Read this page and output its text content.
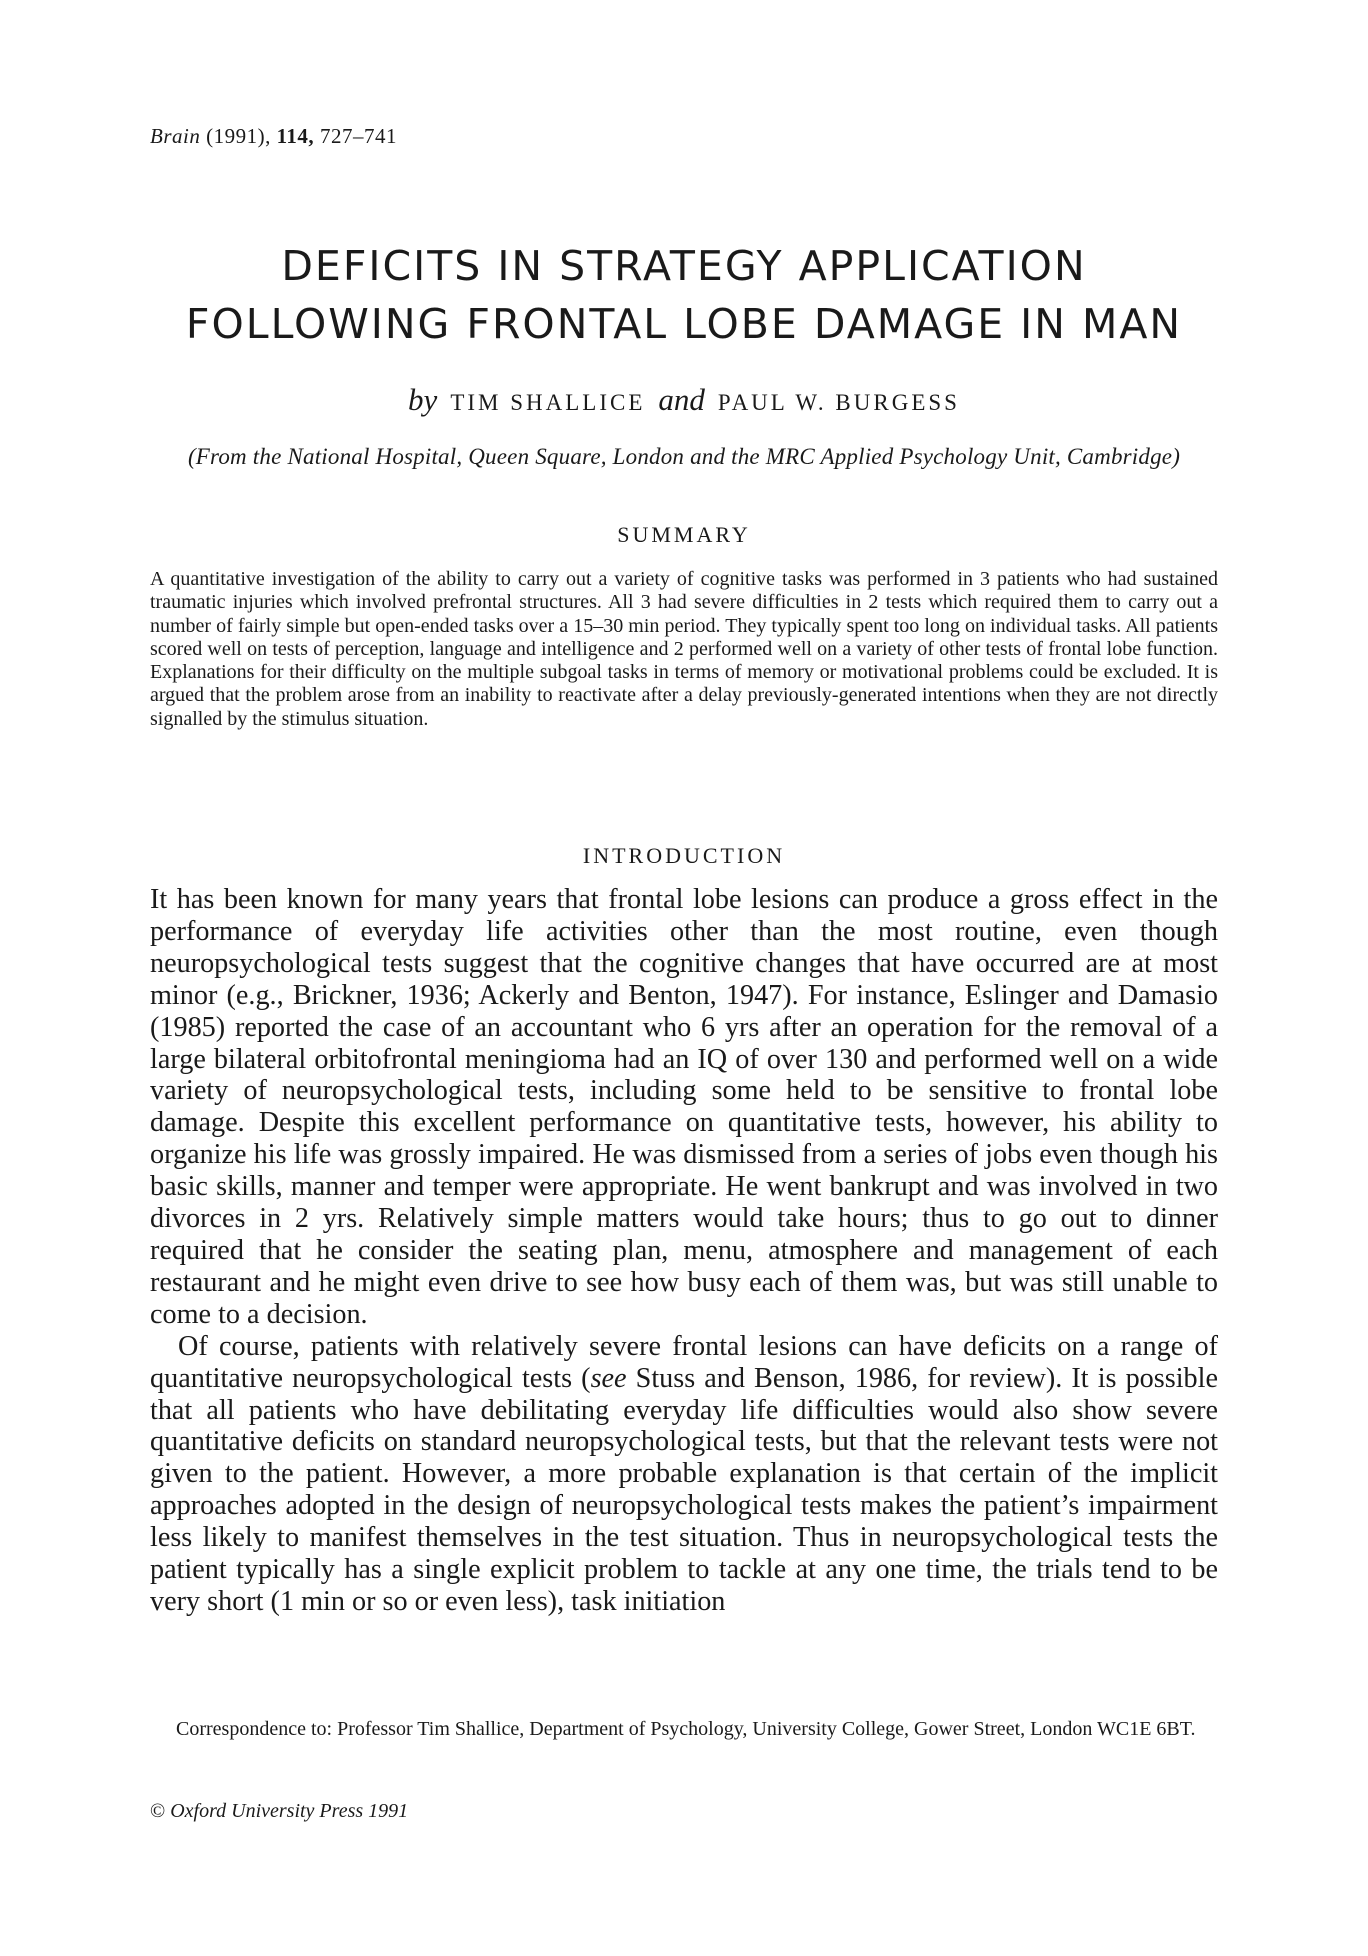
Brain (1991), 114, 727–741
DEFICITS IN STRATEGY APPLICATION
FOLLOWING FRONTAL LOBE DAMAGE IN MAN
by TIM SHALLICE and PAUL W. BURGESS
(From the National Hospital, Queen Square, London and the MRC Applied Psychology Unit, Cambridge)
SUMMARY
A quantitative investigation of the ability to carry out a variety of cognitive tasks was performed in 3 patients who had sustained traumatic injuries which involved prefrontal structures. All 3 had severe difficulties in 2 tests which required them to carry out a number of fairly simple but open-ended tasks over a 15–30 min period. They typically spent too long on individual tasks. All patients scored well on tests of perception, language and intelligence and 2 performed well on a variety of other tests of frontal lobe function. Explanations for their difficulty on the multiple subgoal tasks in terms of memory or motivational problems could be excluded. It is argued that the problem arose from an inability to reactivate after a delay previously-generated intentions when they are not directly signalled by the stimulus situation.
INTRODUCTION

It has been known for many years that frontal lobe lesions can produce a gross effect in the performance of everyday life activities other than the most routine, even though neuropsychological tests suggest that the cognitive changes that have occurred are at most minor (e.g., Brickner, 1936; Ackerly and Benton, 1947). For instance, Eslinger and Damasio (1985) reported the case of an accountant who 6 yrs after an operation for the removal of a large bilateral orbitofrontal meningioma had an IQ of over 130 and performed well on a wide variety of neuropsychological tests, including some held to be sensitive to frontal lobe damage. Despite this excellent performance on quantitative tests, however, his ability to organize his life was grossly impaired. He was dismissed from a series of jobs even though his basic skills, manner and temper were appropriate. He went bankrupt and was involved in two divorces in 2 yrs. Relatively simple matters would take hours; thus to go out to dinner required that he consider the seating plan, menu, atmosphere and management of each restaurant and he might even drive to see how busy each of them was, but was still unable to come to a decision.

Of course, patients with relatively severe frontal lesions can have deficits on a range of quantitative neuropsychological tests (see Stuss and Benson, 1986, for review). It is possible that all patients who have debilitating everyday life difficulties would also show severe quantitative deficits on standard neuropsychological tests, but that the relevant tests were not given to the patient. However, a more probable explanation is that certain of the implicit approaches adopted in the design of neuropsychological tests makes the patient’s impairment less likely to manifest themselves in the test situation. Thus in neuropsychological tests the patient typically has a single explicit problem to tackle at any one time, the trials tend to be very short (1 min or so or even less), task initiation

Correspondence to: Professor Tim Shallice, Department of Psychology, University College, Gower Street, London WC1E 6BT.
© Oxford University Press 1991
